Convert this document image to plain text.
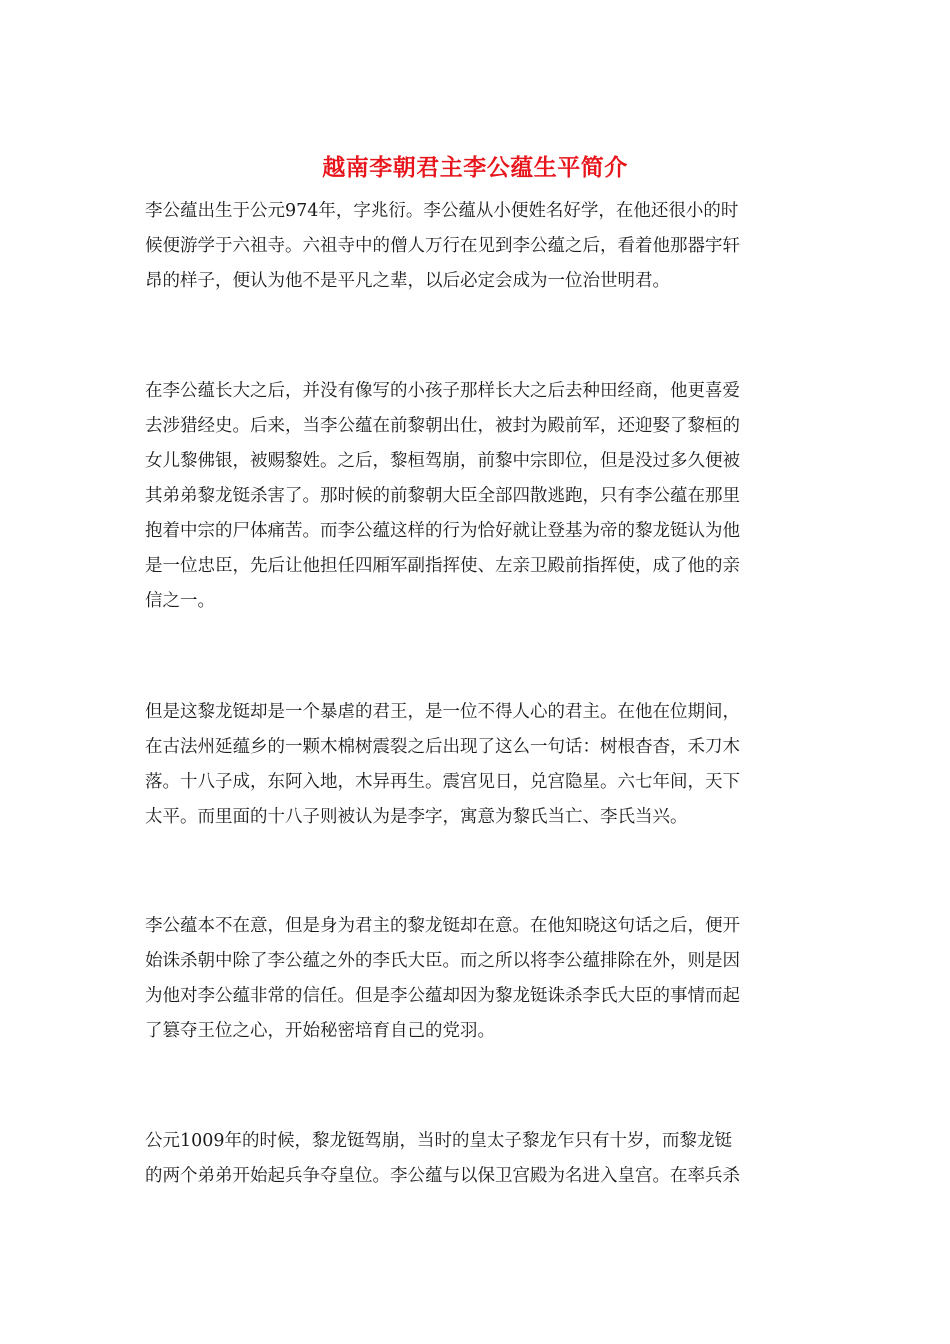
越南李朝君主李公蕴生平简介
李公蕴出生于公元974年，字兆衍。李公蕴从小便姓名好学，在他还很小的时
候便游学于六祖寺。六祖寺中的僧人万行在见到李公蕴之后，看着他那器宇轩
昂的样子，便认为他不是平凡之辈，以后必定会成为一位治世明君。
在李公蕴长大之后，并没有像写的小孩子那样长大之后去种田经商，他更喜爱
去涉猎经史。后来，当李公蕴在前黎朝出仕，被封为殿前军，还迎娶了黎桓的
女儿黎佛银，被赐黎姓。之后，黎桓驾崩，前黎中宗即位，但是没过多久便被
其弟弟黎龙铤杀害了。那时候的前黎朝大臣全部四散逃跑，只有李公蕴在那里
抱着中宗的尸体痛苦。而李公蕴这样的行为恰好就让登基为帝的黎龙铤认为他
是一位忠臣，先后让他担任四厢军副指挥使、左亲卫殿前指挥使，成了他的亲
信之一。
但是这黎龙铤却是一个暴虐的君王，是一位不得人心的君主。在他在位期间，
在古法州延蕴乡的一颗木棉树震裂之后出现了这么一句话：树根杳杳，禾刀木
落。十八子成，东阿入地，木异再生。震宫见日，兑宫隐星。六七年间，天下
太平。而里面的十八子则被认为是李字，寓意为黎氏当亡、李氏当兴。
李公蕴本不在意，但是身为君主的黎龙铤却在意。在他知晓这句话之后，便开
始诛杀朝中除了李公蕴之外的李氏大臣。而之所以将李公蕴排除在外，则是因
为他对李公蕴非常的信任。但是李公蕴却因为黎龙铤诛杀李氏大臣的事情而起
了篡夺王位之心，开始秘密培育自己的党羽。
公元1009年的时候，黎龙铤驾崩，当时的皇太子黎龙乍只有十岁，而黎龙铤
的两个弟弟开始起兵争夺皇位。李公蕴与以保卫宫殿为名进入皇宫。在率兵杀
